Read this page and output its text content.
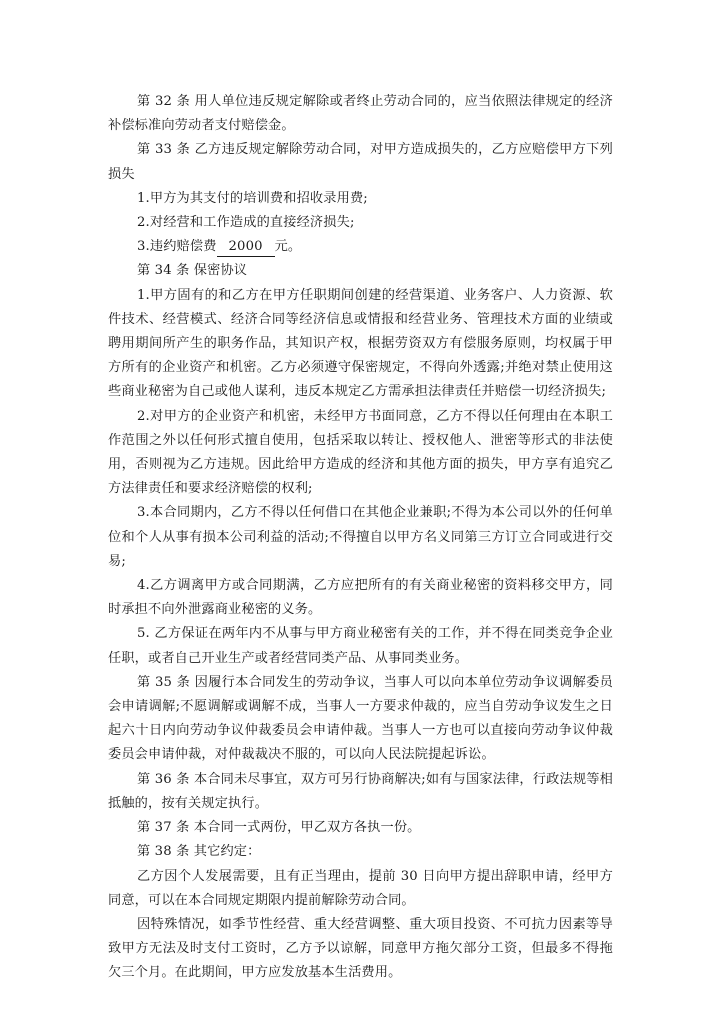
第 32 条 用人单位违反规定解除或者终止劳动合同的，应当依照法律规定的经济补偿标准向劳动者支付赔偿金。

第 33 条 乙方违反规定解除劳动合同，对甲方造成损失的，乙方应赔偿甲方下列损失

1.甲方为其支付的培训费和招收录用费;

2.对经营和工作造成的直接经济损失;

3.违约赔偿费 2000 元。

第 34 条 保密协议

1.甲方固有的和乙方在甲方任职期间创建的经营渠道、业务客户、人力资源、软件技术、经营模式、经济合同等经济信息或情报和经营业务、管理技术方面的业绩或聘用期间所产生的职务作品，其知识产权，根据劳资双方有偿服务原则，均权属于甲方所有的企业资产和机密。乙方必须遵守保密规定，不得向外透露;并绝对禁止使用这些商业秘密为自己或他人谋利，违反本规定乙方需承担法律责任并赔偿一切经济损失;

2.对甲方的企业资产和机密，未经甲方书面同意，乙方不得以任何理由在本职工作范围之外以任何形式擅自使用，包括采取以转让、授权他人、泄密等形式的非法使用，否则视为乙方违规。因此给甲方造成的经济和其他方面的损失，甲方享有追究乙方法律责任和要求经济赔偿的权利;

3.本合同期内，乙方不得以任何借口在其他企业兼职;不得为本公司以外的任何单位和个人从事有损本公司利益的活动;不得擅自以甲方名义同第三方订立合同或进行交易;

4.乙方调离甲方或合同期满，乙方应把所有的有关商业秘密的资料移交甲方，同时承担不向外泄露商业秘密的义务。

5. 乙方保证在两年内不从事与甲方商业秘密有关的工作，并不得在同类竞争企业任职，或者自己开业生产或者经营同类产品、从事同类业务。

第 35 条 因履行本合同发生的劳动争议，当事人可以向本单位劳动争议调解委员会申请调解;不愿调解或调解不成，当事人一方要求仲裁的，应当自劳动争议发生之日起六十日内向劳动争议仲裁委员会申请仲裁。当事人一方也可以直接向劳动争议仲裁委员会申请仲裁，对仲裁裁决不服的，可以向人民法院提起诉讼。

第 36 条 本合同未尽事宜，双方可另行协商解决;如有与国家法律，行政法规等相抵触的，按有关规定执行。

第 37 条 本合同一式两份，甲乙双方各执一份。

第 38 条 其它约定：

乙方因个人发展需要，且有正当理由，提前 30 日向甲方提出辞职申请，经甲方同意，可以在本合同规定期限内提前解除劳动合同。

因特殊情况，如季节性经营、重大经营调整、重大项目投资、不可抗力因素等导致甲方无法及时支付工资时，乙方予以谅解，同意甲方拖欠部分工资，但最多不得拖欠三个月。在此期间，甲方应发放基本生活费用。
